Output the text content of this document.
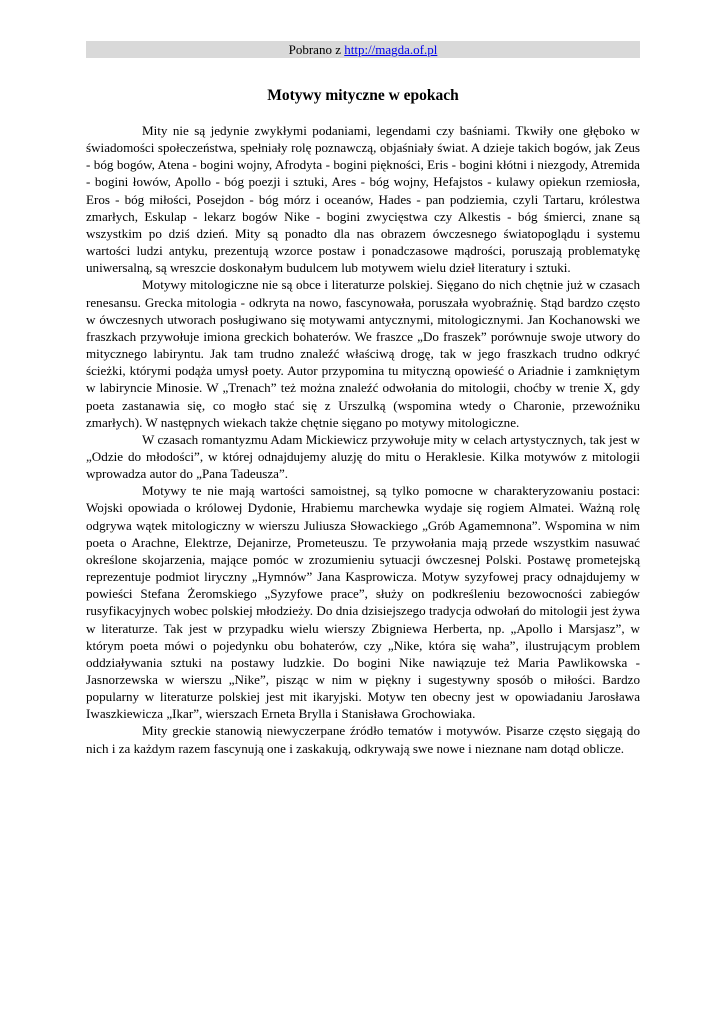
Pobrano z http://magda.of.pl
Motywy mityczne w epokach

Mity nie są jedynie zwykłymi podaniami, legendami czy baśniami. Tkwiły one głęboko w świadomości społeczeństwa, spełniały rolę poznawczą, objaśniały świat. A dzieje takich bogów, jak Zeus - bóg bogów, Atena - bogini wojny, Afrodyta - bogini piękności, Eris - bogini kłótni i niezgody, Atremida - bogini łowów, Apollo - bóg poezji i sztuki, Ares - bóg wojny, Hefajstos - kulawy opiekun rzemiosła, Eros - bóg miłości, Posejdon - bóg mórz i oceanów, Hades - pan podziemia, czyli Tartaru, królestwa zmarłych, Eskulap - lekarz bogów Nike - bogini zwycięstwa czy Alkestis - bóg śmierci, znane są wszystkim po dziś dzień. Mity są ponadto dla nas obrazem ówczesnego światopoglądu i systemu wartości ludzi antyku, prezentują wzorce postaw i ponadczasowe mądrości, poruszają problematykę uniwersalną, są wreszcie doskonałym budulcem lub motywem wielu dzieł literatury i sztuki.

Motywy mitologiczne nie są obce i literaturze polskiej. Sięgano do nich chętnie już w czasach renesansu. Grecka mitologia - odkryta na nowo, fascynowała, poruszała wyobraźnię. Stąd bardzo często w ówczesnych utworach posługiwano się motywami antycznymi, mitologicznymi. Jan Kochanowski we fraszkach przywołuje imiona greckich bohaterów. We fraszce „Do fraszek” porównuje swoje utwory do mitycznego labiryntu. Jak tam trudno znaleźć właściwą drogę, tak w jego fraszkach trudno odkryć ścieżki, którymi podąża umysł poety. Autor przypomina tu mityczną opowieść o Ariadnie i zamkniętym w labiryncie Minosie. W „Trenach” też można znaleźć odwołania do mitologii, choćby w trenie X, gdy poeta zastanawia się, co mogło stać się z Urszulką (wspomina wtedy o Charonie, przewoźniku zmarłych). W następnych wiekach także chętnie sięgano po motywy mitologiczne.

W czasach romantyzmu Adam Mickiewicz przywołuje mity w celach artystycznych, tak jest w „Odzie do młodości”, w której odnajdujemy aluzję do mitu o Heraklesie. Kilka motywów z mitologii wprowadza autor do „Pana Tadeusza”.

Motywy te nie mają wartości samoistnej, są tylko pomocne w charakteryzowaniu postaci: Wojski opowiada o królowej Dydonie, Hrabiemu marchewka wydaje się rogiem Almatei. Ważną rolę odgrywa wątek mitologiczny w wierszu Juliusza Słowackiego „Grób Agamemnona”. Wspomina w nim poeta o Arachne, Elektrze, Dejanirze, Prometeuszu. Te przywołania mają przede wszystkim nasuwać określone skojarzenia, mające pomóc w zrozumieniu sytuacji ówczesnej Polski. Postawę prometejską reprezentuje podmiot liryczny „Hymnów” Jana Kasprowicza. Motyw syzyfowej pracy odnajdujemy w powieści Stefana Żeromskiego „Syzyfowe prace”, służy on podkreśleniu bezowocności zabiegów rusyfikacyjnych wobec polskiej młodzieży. Do dnia dzisiejszego tradycja odwołań do mitologii jest żywa w literaturze. Tak jest w przypadku wielu wierszy Zbigniewa Herberta, np. „Apollo i Marsjasz”, w którym poeta mówi o pojedynku obu bohaterów, czy „Nike, która się waha”, ilustrującym problem oddziaływania sztuki na postawy ludzkie. Do bogini Nike nawiązuje też Maria Pawlikowska - Jasnorzewska w wierszu „Nike”, pisząc w nim w piękny i sugestywny sposób o miłości. Bardzo popularny w literaturze polskiej jest mit ikaryjski. Motyw ten obecny jest w opowiadaniu Jarosława Iwaszkiewicza „Ikar”, wierszach Erneta Brylla i Stanisława Grochowiaka.

Mity greckie stanowią niewyczerpane źródło tematów i motywów. Pisarze często sięgają do nich i za każdym razem fascynują one i zaskakują, odkrywają swe nowe i nieznane nam dotąd oblicze.
